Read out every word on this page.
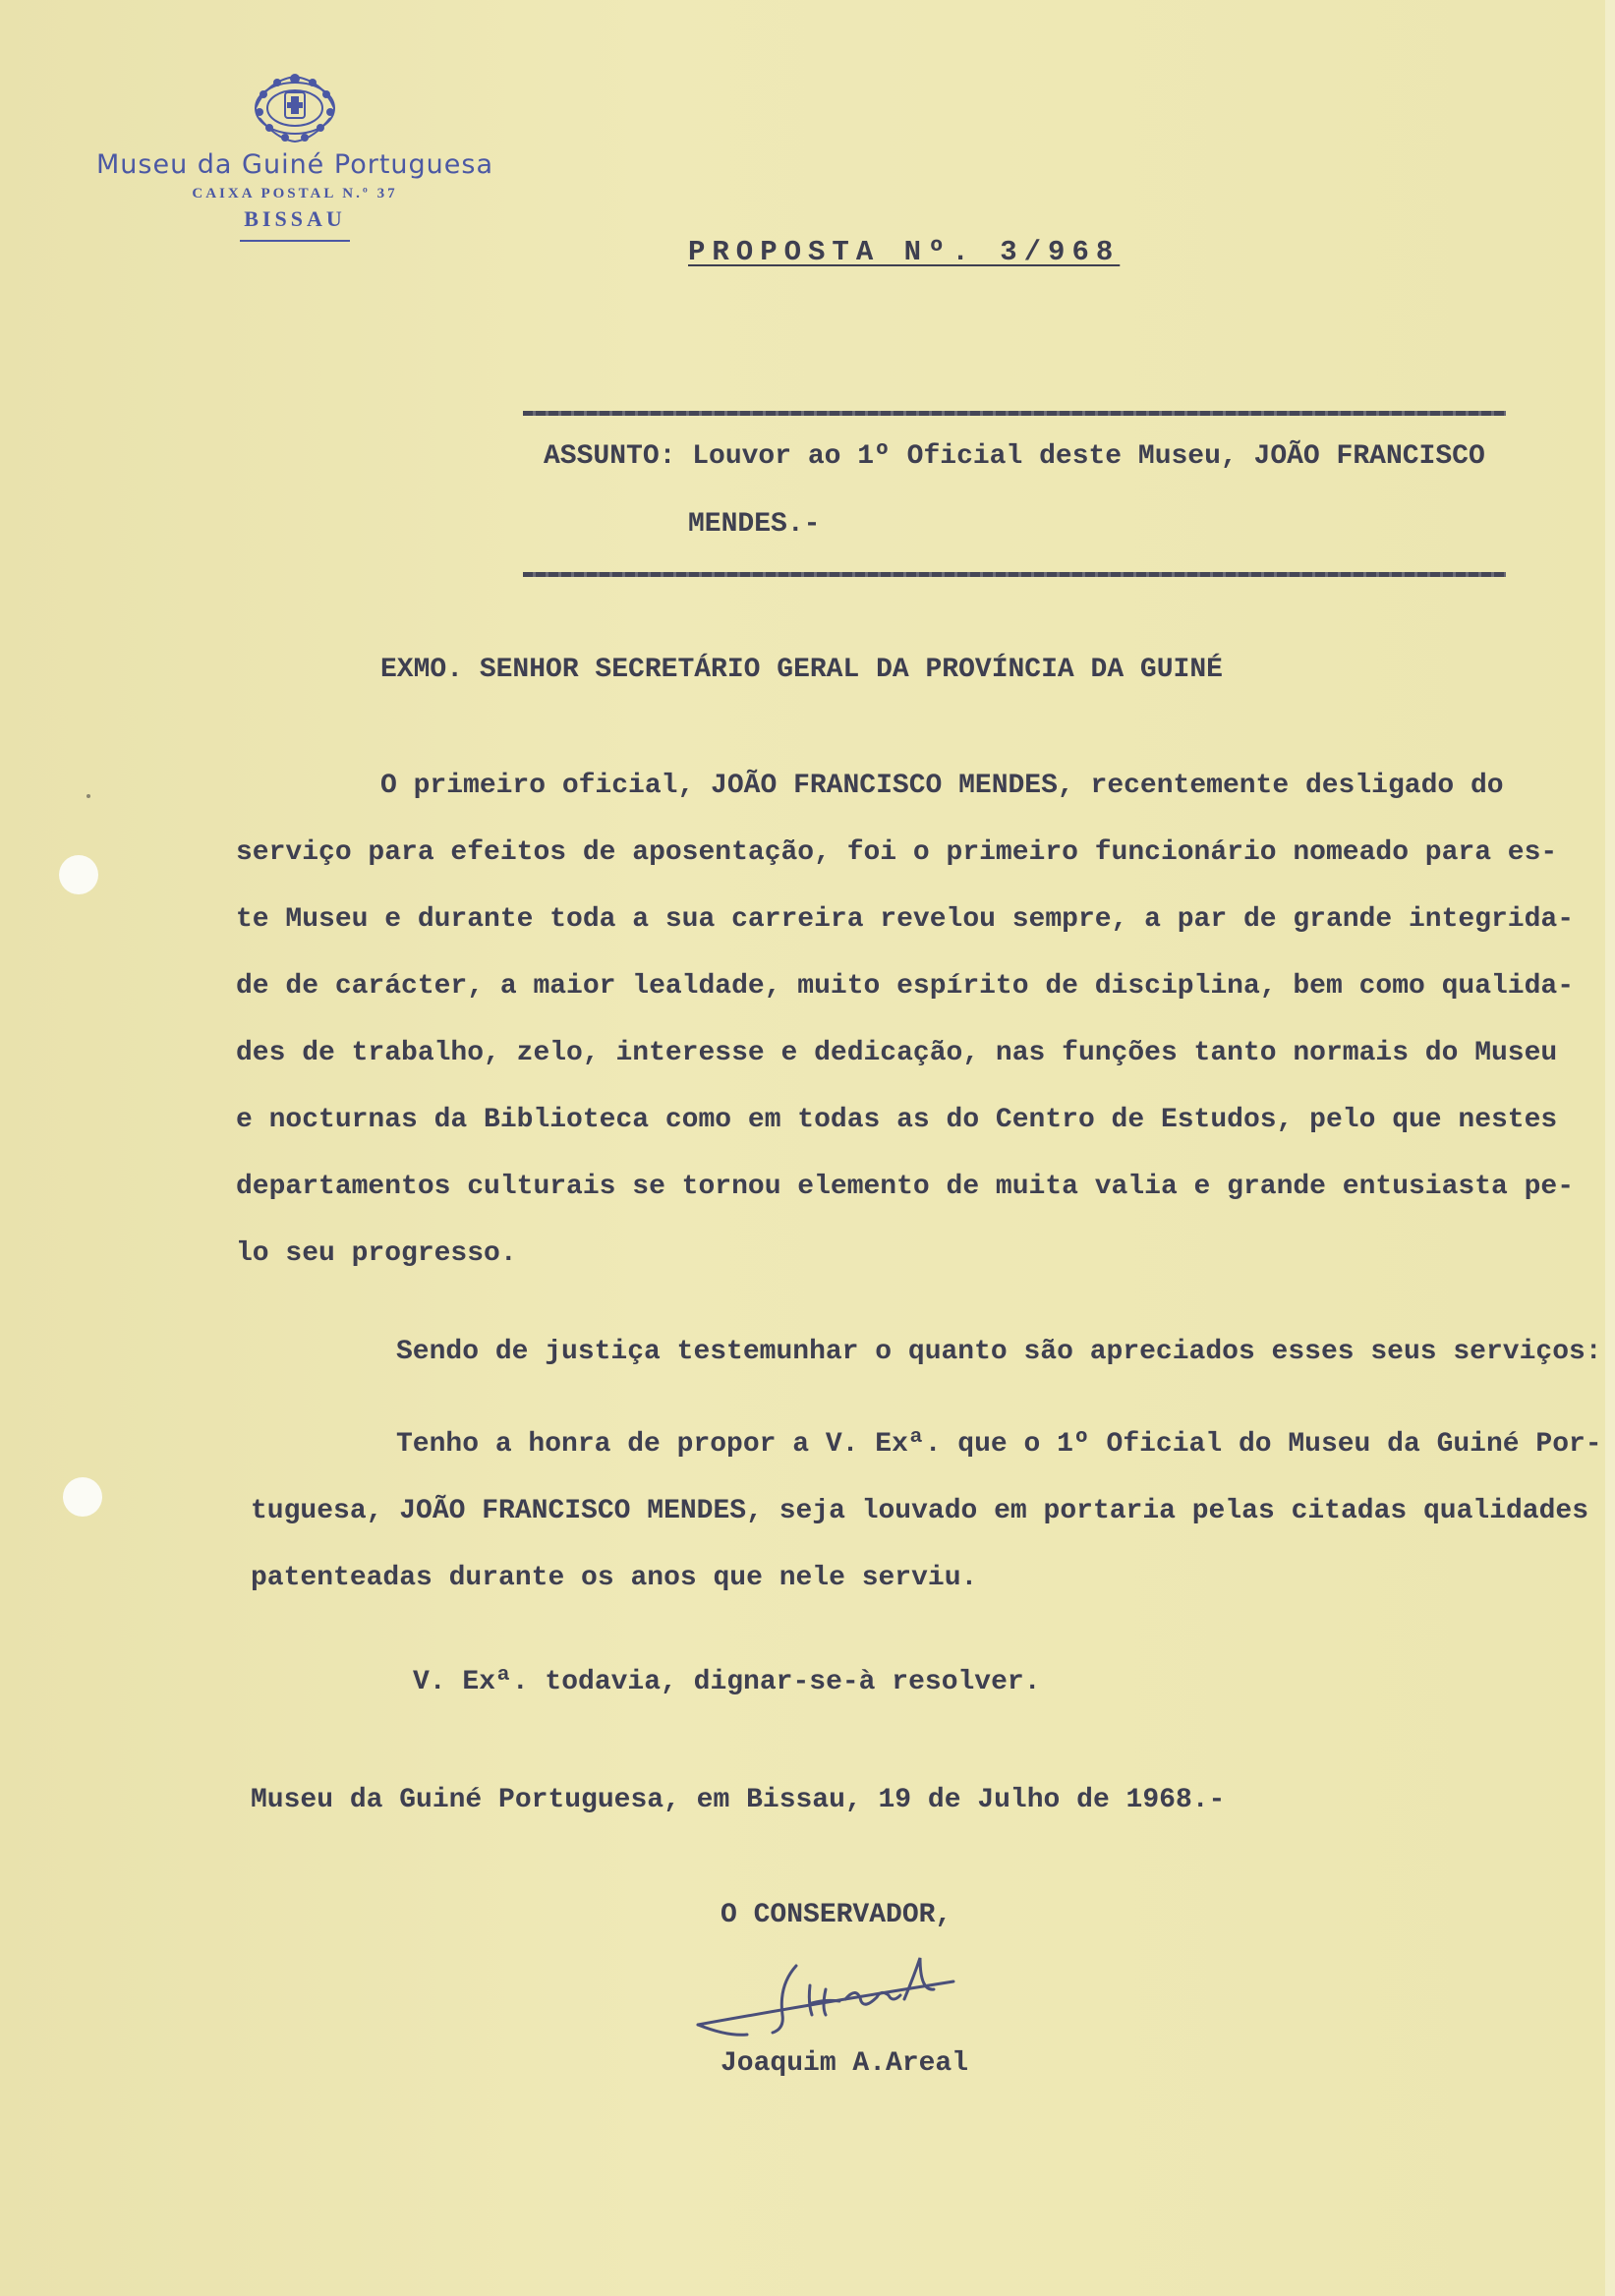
Museu da Guiné Portuguesa
CAIXA POSTAL N.º 37
BISSAU
PROPOSTA Nº. 3/968
ASSUNTO: Louvor ao 1º Oficial deste Museu, JOÃO FRANCISCO
MENDES.-
EXMO. SENHOR SECRETÁRIO GERAL DA PROVÍNCIA DA GUINÉ
O primeiro oficial, JOÃO FRANCISCO MENDES, recentemente desligado do
serviço para efeitos de aposentação, foi o primeiro funcionário nomeado para es-
te Museu e durante toda a sua carreira revelou sempre, a par de grande integrida-
de de carácter, a maior lealdade, muito espírito de disciplina, bem como qualida-
des de trabalho, zelo, interesse e dedicação, nas funções tanto normais do Museu
e nocturnas da Biblioteca como em todas as do Centro de Estudos, pelo que nestes
departamentos culturais se tornou elemento de muita valia e grande entusiasta pe-
lo seu progresso.
Sendo de justiça testemunhar o quanto são apreciados esses seus serviços:
Tenho a honra de propor a V. Exª. que o 1º Oficial do Museu da Guiné Por-
tuguesa, JOÃO FRANCISCO MENDES, seja louvado em portaria pelas citadas qualidades
patenteadas durante os anos que nele serviu.
V. Exª. todavia, dignar-se-à resolver.
Museu da Guiné Portuguesa, em Bissau, 19 de Julho de 1968.-
O CONSERVADOR,
Joaquim A.Areal
